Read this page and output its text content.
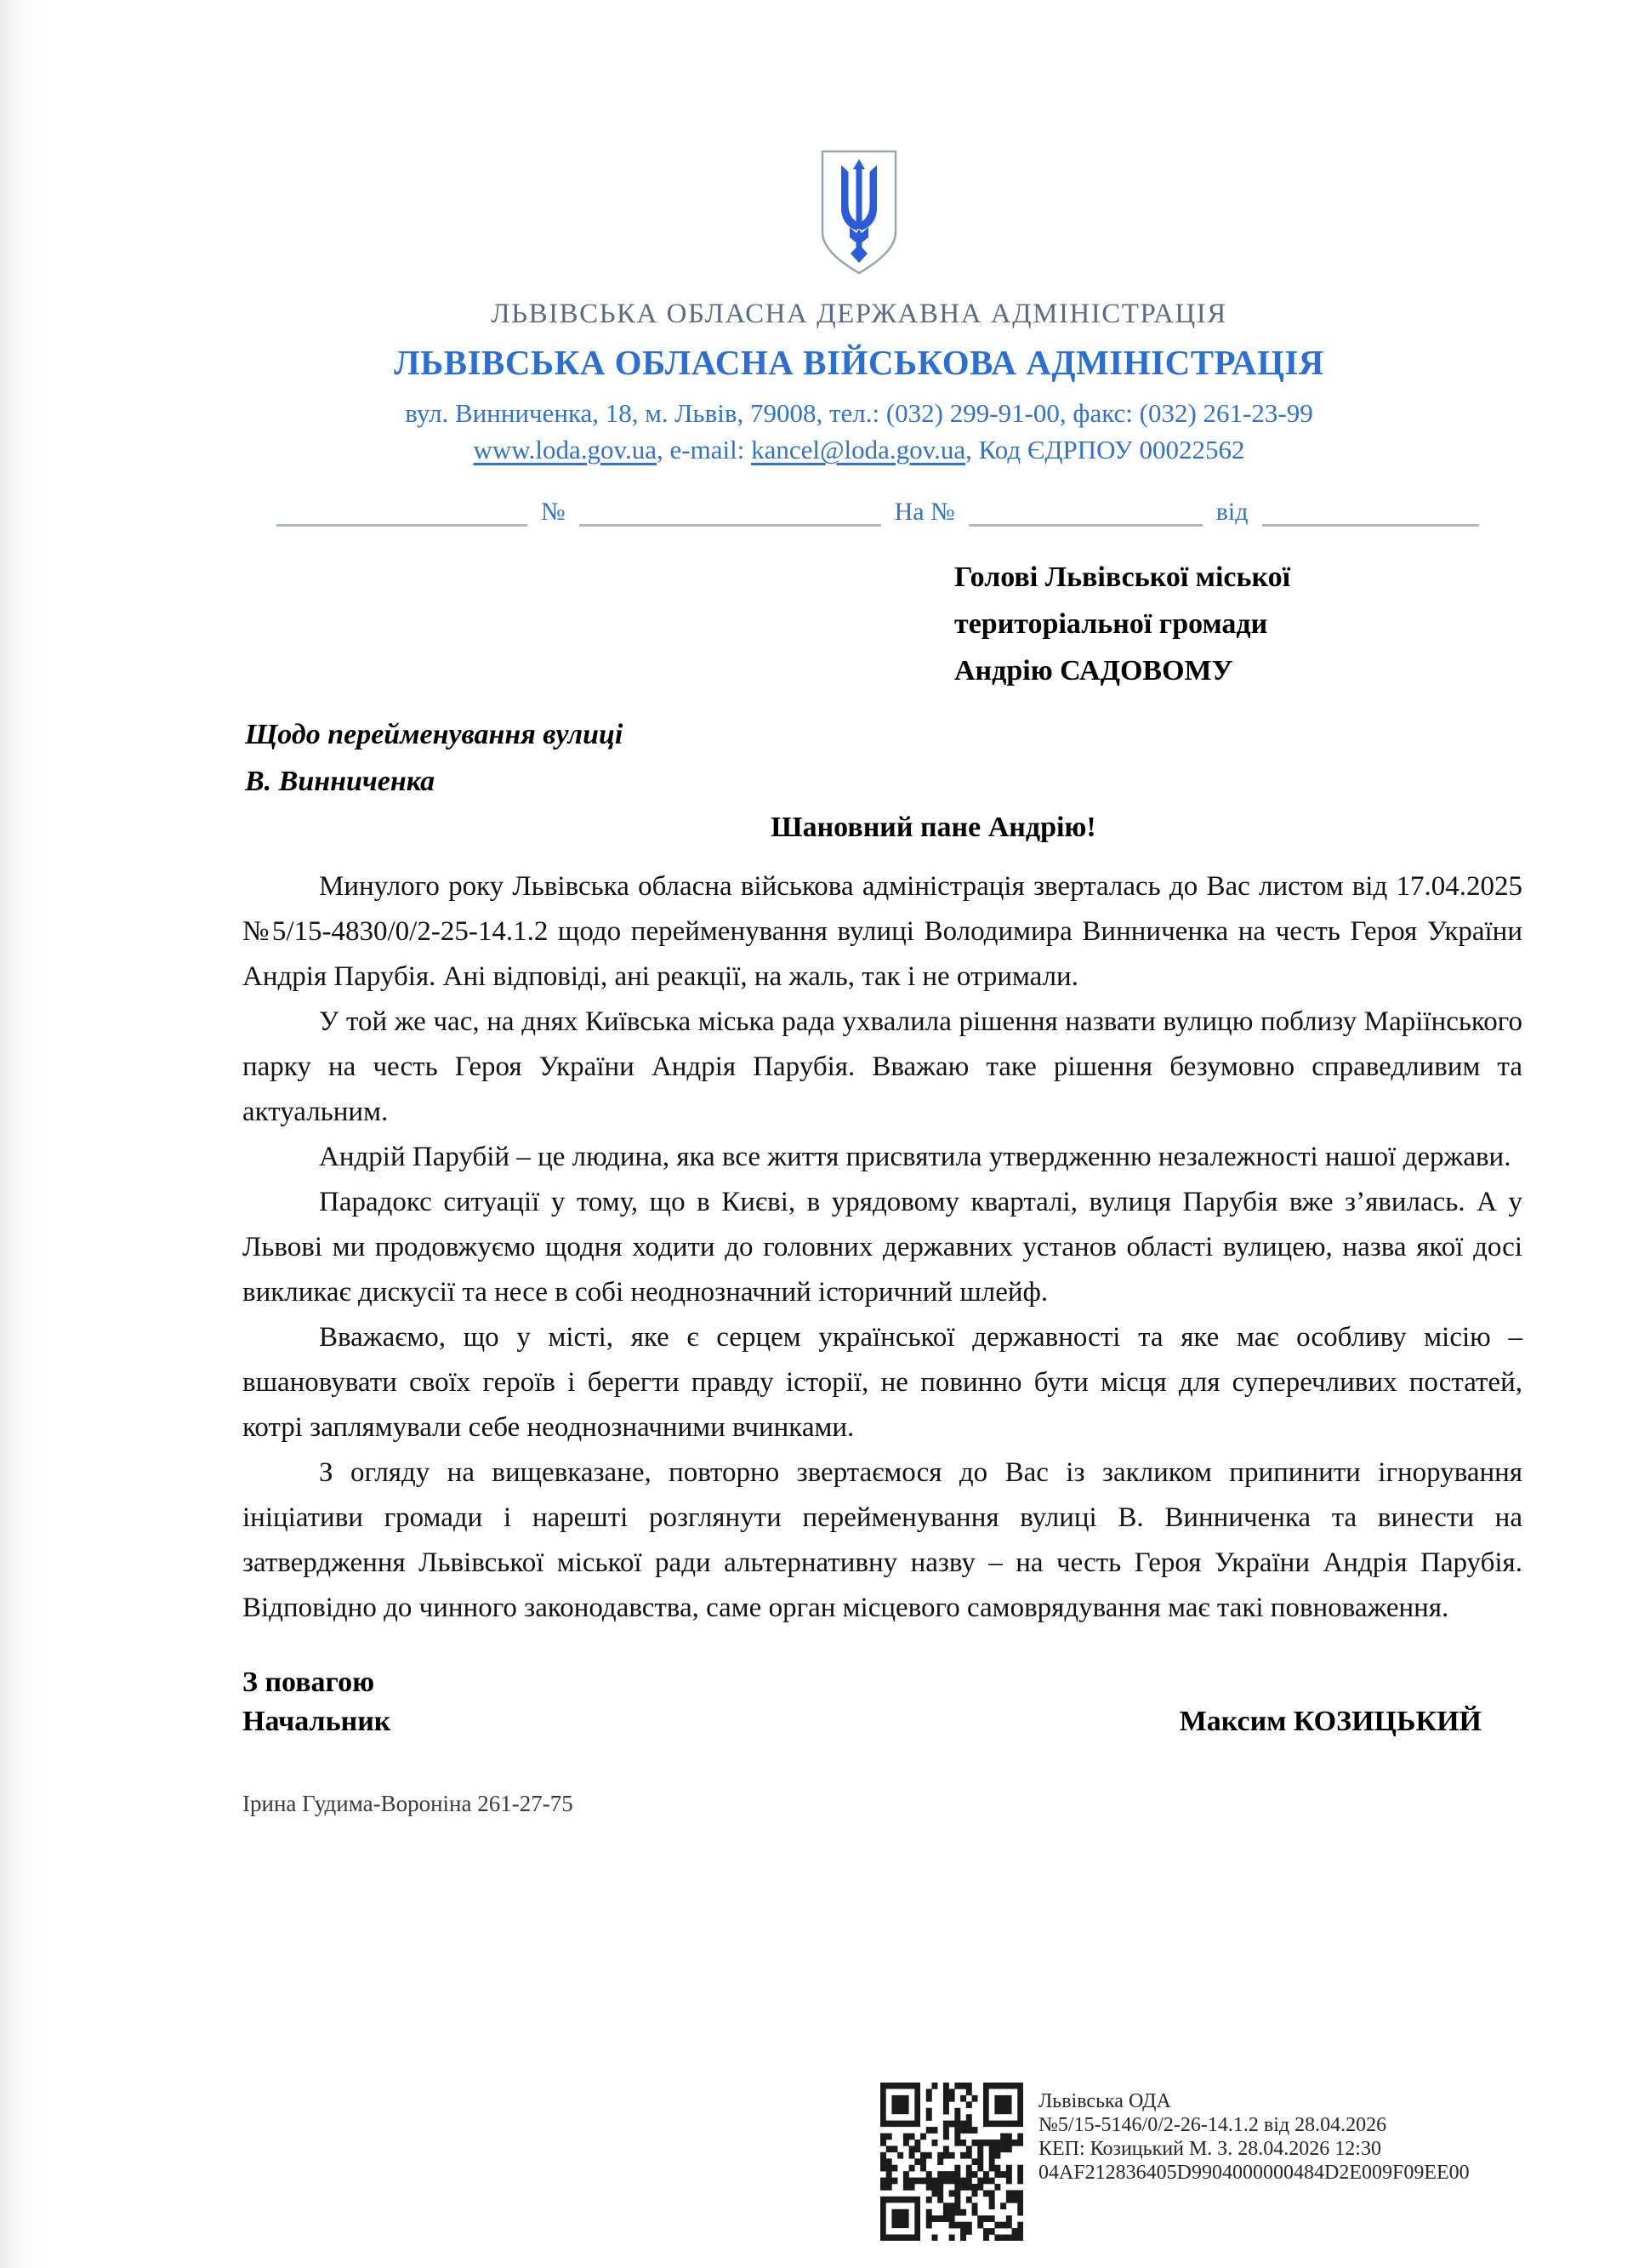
ЛЬВІВСЬКА ОБЛАСНА ДЕРЖАВНА АДМІНІСТРАЦІЯ
ЛЬВІВСЬКА ОБЛАСНА ВІЙСЬКОВА АДМІНІСТРАЦІЯ
вул. Винниченка, 18, м. Львів, 79008, тел.: (032) 299-91-00, факс: (032) 261-23-99
www.loda.gov.ua, e-mail: kancel@loda.gov.ua, Код ЄДРПОУ 00022562
№	На №	від
Голові Львівської міської
територіальної громади
Андрію САДОВОМУ
Щодо перейменування вулиці
В. Винниченка
Шановний пане Андрію!

Минулого року Львівська обласна військова адміністрація зверталась до Вас листом від 17.04.2025 №5/15-4830/0/2-25-14.1.2 щодо перейменування вулиці Володимира Винниченка на честь Героя України Андрія Парубія. Ані відповіді, ані реакції, на жаль, так і не отримали.

У той же час, на днях Київська міська рада ухвалила рішення назвати вулицю поблизу Маріїнського парку на честь Героя України Андрія Парубія. Вважаю таке рішення безумовно справедливим та актуальним.

Андрій Парубій – це людина, яка все життя присвятила утвердженню незалежності нашої держави.

Парадокс ситуації у тому, що в Києві, в урядовому кварталі, вулиця Парубія вже з’явилась. А у Львові ми продовжуємо щодня ходити до головних державних установ області вулицею, назва якої досі викликає дискусії та несе в собі неоднозначний історичний шлейф.

Вважаємо, що у місті, яке є серцем української державності та яке має особливу місію – вшановувати своїх героїв і берегти правду історії, не повинно бути місця для суперечливих постатей, котрі заплямували себе неоднозначними вчинками.

З огляду на вищевказане, повторно звертаємося до Вас із закликом припинити ігнорування ініціативи громади і нарешті розглянути перейменування вулиці В. Винниченка та винести на затвердження Львівської міської ради альтернативну назву – на честь Героя України Андрія Парубія. Відповідно до чинного законодавства, саме орган місцевого самоврядування має такі повноваження.

З повагою
Начальник	Максим КОЗИЦЬКИЙ
Ірина Гудима-Вороніна 261-27-75
Львівська ОДА
№5/15-5146/0/2-26-14.1.2 від 28.04.2026
КЕП: Козицький М. З. 28.04.2026 12:30
04AF212836405D9904000000484D2E009F09EE00
